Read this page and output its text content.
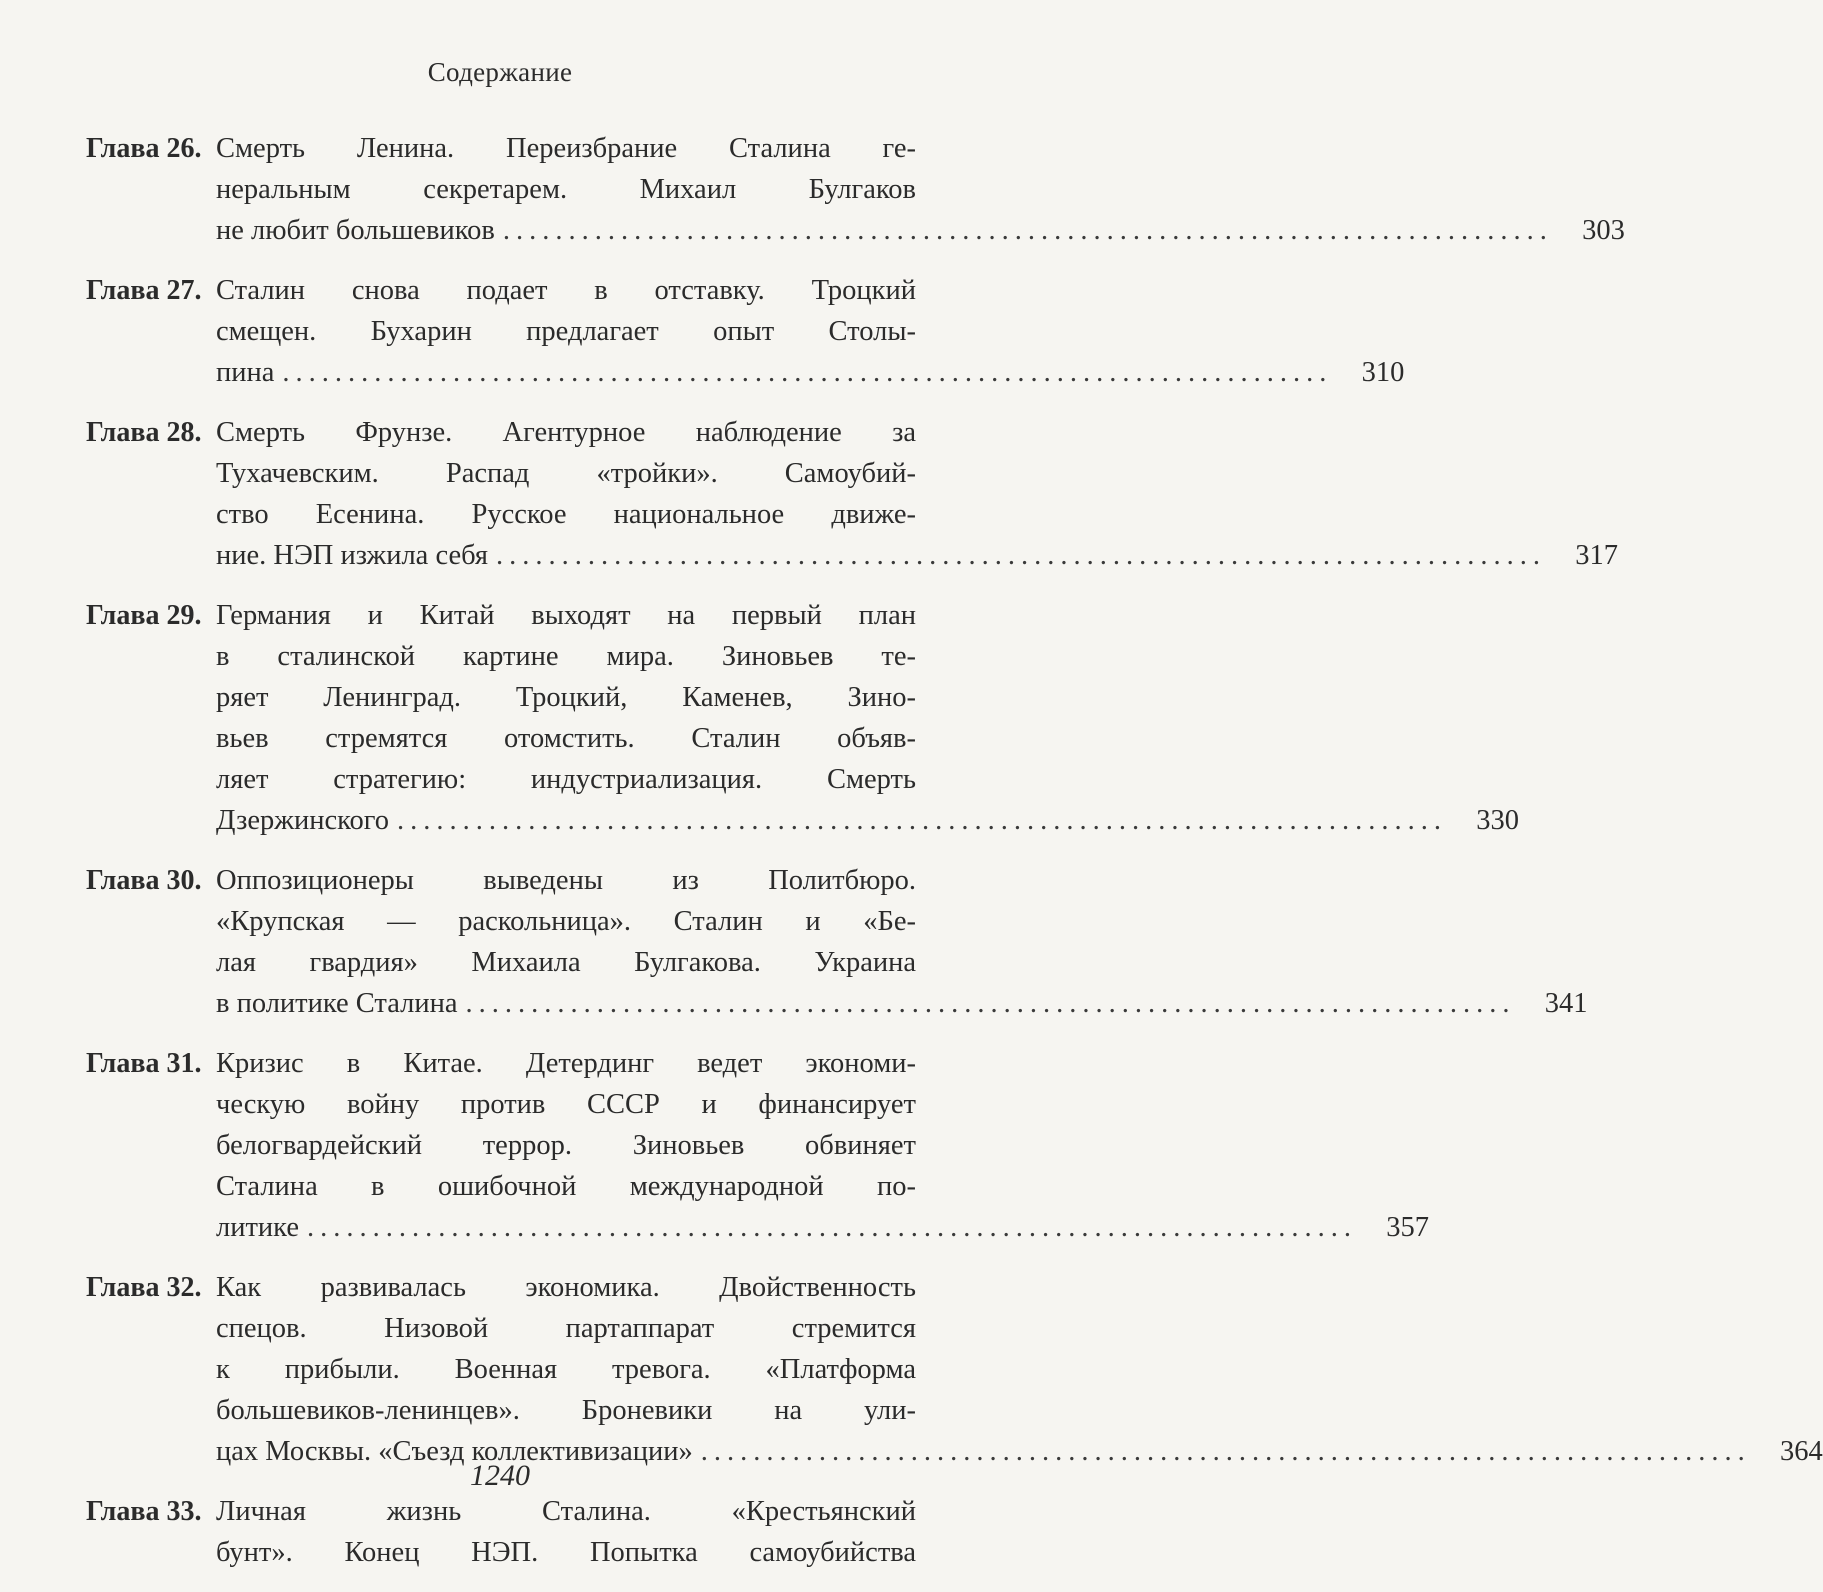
Содержание
Глава 26. Смерть Ленина. Переизбрание Сталина ге-
неральным секретарем. Михаил Булгаков
не любит большевиков ................................................................................ 303
Глава 27. Сталин снова подает в отставку. Троцкий
смещен. Бухарин предлагает опыт Столы-
пина ................................................................................ 310
Глава 28. Смерть Фрунзе. Агентурное наблюдение за
Тухачевским. Распад «тройки». Самоубий-
ство Есенина. Русское национальное движе-
ние. НЭП изжила себя ................................................................................ 317
Глава 29. Германия и Китай выходят на первый план
в сталинской картине мира. Зиновьев те-
ряет Ленинград. Троцкий, Каменев, Зино-
вьев стремятся отомстить. Сталин объяв-
ляет стратегию: индустриализация. Смерть
Дзержинского ................................................................................ 330
Глава 30. Оппозиционеры выведены из Политбюро.
«Крупская — раскольница». Сталин и «Бе-
лая гвардия» Михаила Булгакова. Украина
в политике Сталина ................................................................................ 341
Глава 31. Кризис в Китае. Детердинг ведет экономи-
ческую войну против СССР и финансирует
белогвардейский террор. Зиновьев обвиняет
Сталина в ошибочной международной по-
литике ................................................................................ 357
Глава 32. Как развивалась экономика. Двойственность
спецов. Низовой партаппарат стремится
к прибыли. Военная тревога. «Платформа
большевиков-ленинцев». Броневики на ули-
цах Москвы. «Съезд коллективизации» ................................................................................ 364
Глава 33. Личная жизнь Сталина. «Крестьянский
бунт». Конец НЭП. Попытка самоубийства
1240
